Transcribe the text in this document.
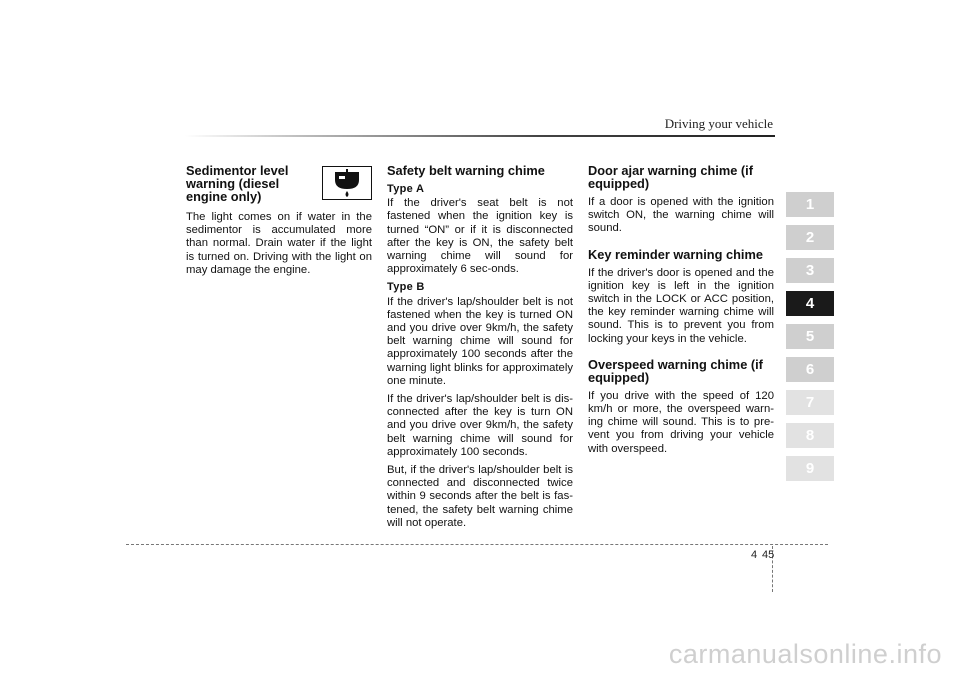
Driving your vehicle
Sedimentor level warning (diesel engine only)

The light comes on if water in the sedimentor is accumulated more than normal. Drain water if the light is turned on. Driving with the light on may damage the engine.

Safety belt warning chime
Type A

If the driver's seat belt is not fastened when the ignition key is turned “ON” or if it is disconnected after the key is ON, the safety belt warning chime will sound for approximately 6 sec-onds.

Type B

If the driver's lap/shoulder belt is not fastened when the key is turned ON and you drive over 9km/h, the safety belt warning chime will sound for approximately 100 seconds after the warning light blinks for approximately one minute.

If the driver's lap/shoulder belt is dis-connected after the key is turn ON and you drive over 9km/h, the safety belt warning chime will sound for approximately 100 seconds.

But, if the driver's lap/shoulder belt is connected and disconnected twice within 9 seconds after the belt is fas-tened, the safety belt warning chime will not operate.

Door ajar warning chime (if equipped)

If a door is opened with the ignition switch ON, the warning chime will sound.

Key reminder warning chime

If the driver's door is opened and the ignition key is left in the ignition switch in the LOCK or ACC position, the key reminder warning chime will sound. This is to prevent you from locking your keys in the vehicle.

Overspeed warning chime (if equipped)

If you drive with the speed of 120 km/h or more, the overspeed warn-ing chime will sound. This is to pre-vent you from driving your vehicle with overspeed.

1
2
3
4
5
6
7
8
9
4 45
carmanualsonline.info
